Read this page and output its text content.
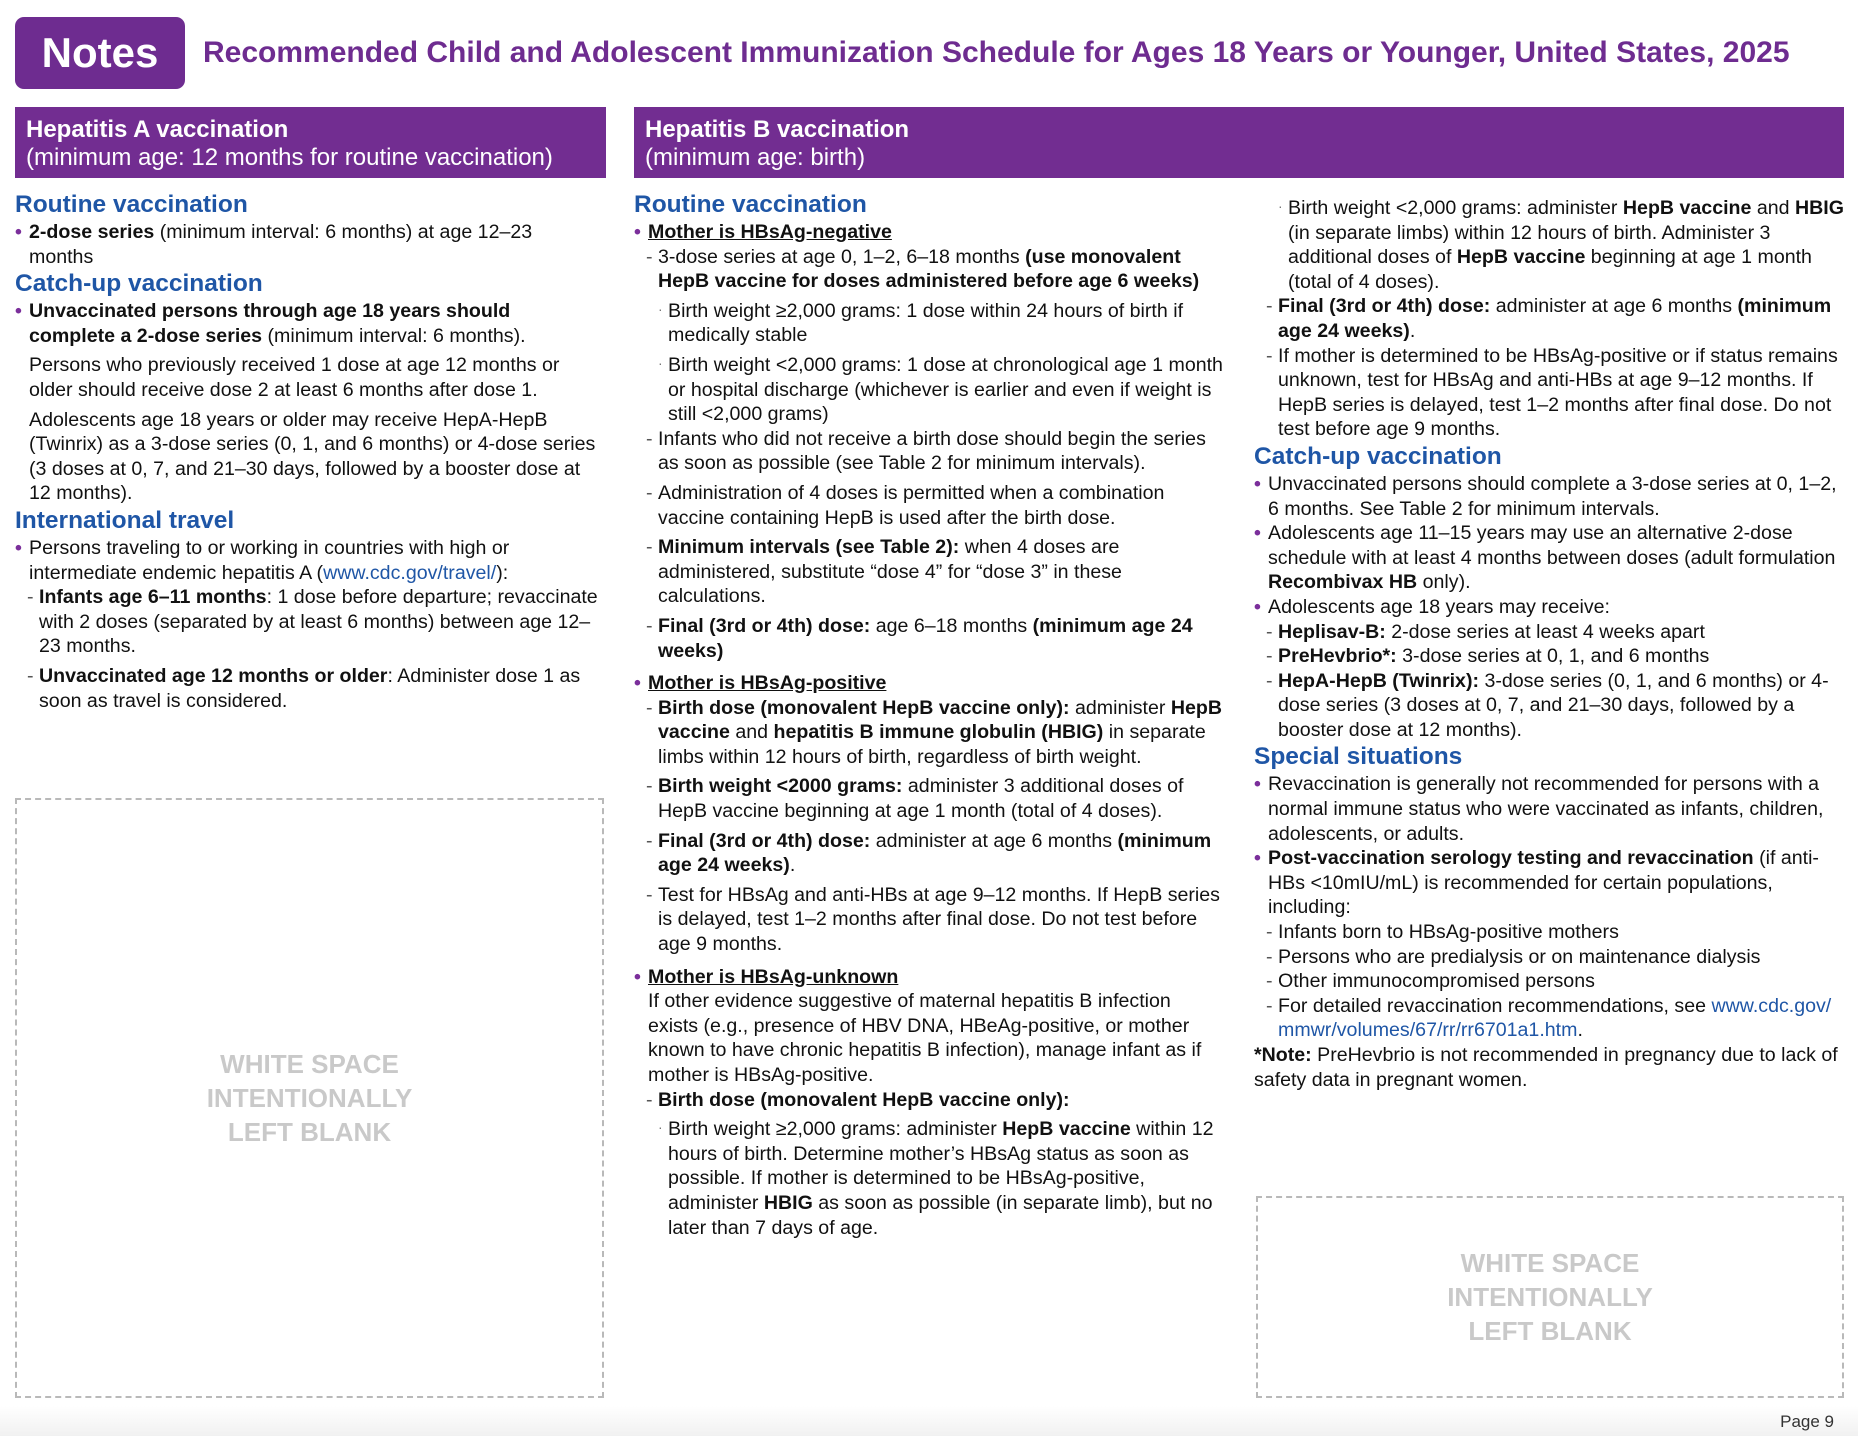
Notes	Recommended Child and Adolescent Immunization Schedule for Ages 18 Years or Younger, United States, 2025
Hepatitis A vaccination
(minimum age: 12 months for routine vaccination)
Hepatitis B vaccination
(minimum age: birth)
Routine vaccination
• 2-dose series (minimum interval: 6 months) at age 12–23 months
Catch-up vaccination
• Unvaccinated persons through age 18 years should complete a 2-dose series (minimum interval: 6 months).
Persons who previously received 1 dose at age 12 months or older should receive dose 2 at least 6 months after dose 1.
Adolescents age 18 years or older may receive HepA-HepB (Twinrix) as a 3-dose series (0, 1, and 6 months) or 4-dose series (3 doses at 0, 7, and 21–30 days, followed by a booster dose at 12 months).
International travel
• Persons traveling to or working in countries with high or intermediate endemic hepatitis A (www.cdc.gov/travel/):
- Infants age 6–11 months: 1 dose before departure; revaccinate with 2 doses (separated by at least 6 months) between age 12–23 months.
- Unvaccinated age 12 months or older: Administer dose 1 as soon as travel is considered.
WHITE SPACE INTENTIONALLY LEFT BLANK
Routine vaccination
• Mother is HBsAg-negative
- 3-dose series at age 0, 1–2, 6–18 months (use monovalent HepB vaccine for doses administered before age 6 weeks)
· Birth weight ≥2,000 grams: 1 dose within 24 hours of birth if medically stable
· Birth weight <2,000 grams: 1 dose at chronological age 1 month or hospital discharge (whichever is earlier and even if weight is still <2,000 grams)
- Infants who did not receive a birth dose should begin the series as soon as possible (see Table 2 for minimum intervals).
- Administration of 4 doses is permitted when a combination vaccine containing HepB is used after the birth dose.
- Minimum intervals (see Table 2): when 4 doses are administered, substitute “dose 4” for “dose 3” in these calculations.
- Final (3rd or 4th) dose: age 6–18 months (minimum age 24 weeks)
• Mother is HBsAg-positive
- Birth dose (monovalent HepB vaccine only): administer HepB vaccine and hepatitis B immune globulin (HBIG) in separate limbs within 12 hours of birth, regardless of birth weight.
- Birth weight <2000 grams: administer 3 additional doses of HepB vaccine beginning at age 1 month (total of 4 doses).
- Final (3rd or 4th) dose: administer at age 6 months (minimum age 24 weeks).
- Test for HBsAg and anti-HBs at age 9–12 months. If HepB series is delayed, test 1–2 months after final dose. Do not test before age 9 months.
• Mother is HBsAg-unknown
If other evidence suggestive of maternal hepatitis B infection exists (e.g., presence of HBV DNA, HBeAg-positive, or mother known to have chronic hepatitis B infection), manage infant as if mother is HBsAg-positive.
- Birth dose (monovalent HepB vaccine only):
· Birth weight ≥2,000 grams: administer HepB vaccine within 12 hours of birth. Determine mother’s HBsAg status as soon as possible. If mother is determined to be HBsAg-positive, administer HBIG as soon as possible (in separate limb), but no later than 7 days of age.
· Birth weight <2,000 grams: administer HepB vaccine and HBIG (in separate limbs) within 12 hours of birth. Administer 3 additional doses of HepB vaccine beginning at age 1 month (total of 4 doses).
- Final (3rd or 4th) dose: administer at age 6 months (minimum age 24 weeks).
- If mother is determined to be HBsAg-positive or if status remains unknown, test for HBsAg and anti-HBs at age 9–12 months. If HepB series is delayed, test 1–2 months after final dose. Do not test before age 9 months.
Catch-up vaccination
• Unvaccinated persons should complete a 3-dose series at 0, 1–2, 6 months. See Table 2 for minimum intervals.
• Adolescents age 11–15 years may use an alternative 2-dose schedule with at least 4 months between doses (adult formulation Recombivax HB only).
• Adolescents age 18 years may receive:
- Heplisav-B: 2-dose series at least 4 weeks apart
- PreHevbrio*: 3-dose series at 0, 1, and 6 months
- HepA-HepB (Twinrix): 3-dose series (0, 1, and 6 months) or 4-dose series (3 doses at 0, 7, and 21–30 days, followed by a booster dose at 12 months).
Special situations
• Revaccination is generally not recommended for persons with a normal immune status who were vaccinated as infants, children, adolescents, or adults.
• Post-vaccination serology testing and revaccination (if anti-HBs <10mIU/mL) is recommended for certain populations, including:
- Infants born to HBsAg-positive mothers
- Persons who are predialysis or on maintenance dialysis
- Other immunocompromised persons
- For detailed revaccination recommendations, see www.cdc.gov/mmwr/volumes/67/rr/rr6701a1.htm.
*Note: PreHevbrio is not recommended in pregnancy due to lack of safety data in pregnant women.
WHITE SPACE INTENTIONALLY LEFT BLANK
Page 9
